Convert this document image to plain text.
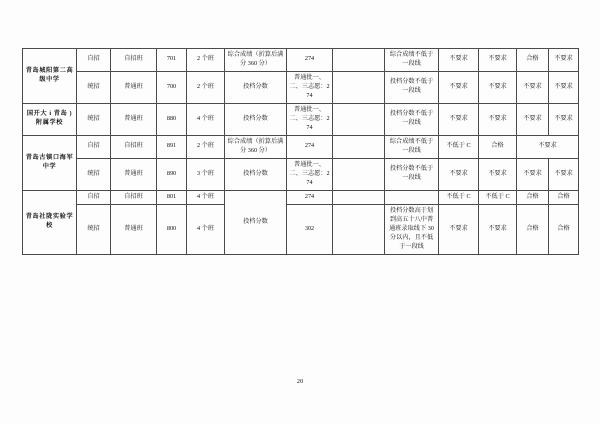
青岛城阳第二高级中学	自招	自招班	701	2 个班	综合成绩（折算后满分 360 分）	274		综合成绩不低于一段线	不要求	不要求	合格	不要求
	统招	普通班	700	2 个班	投档分数	普通批一、二、三志愿：274		投档分数不低于一段线	不要求	不要求	不要求	不要求
国开大 i 青岛 )附属学校	统招	普通班	880	4 个班	投档分数	普通批一、二、三志愿：274		投档分数不低于一段线	不要求	不要求	不要求	不要求
青岛古镇口海军中学	自招	自招班	891	2 个班	综合成绩（折算后满分 360 分）	274		综合成绩不低于一段线	不低于 C	合格	不要求	
	统招	普通班	890	3 个班	投档分数	普通批一、二、三志愿：274		投档分数不低于一段线	不要求	不要求	不要求	不要求
青岛社陇实验学校	自招	自招班	801	4 个班	投档分数	274			不低于 C	不低于 C	合格	合格
	统招	普通班	800	4 个班		302		投档分数高于划到高五十八中普通班录取线下 30 分以内，且不低于一段线	不要求	不要求	合格	合格
20
